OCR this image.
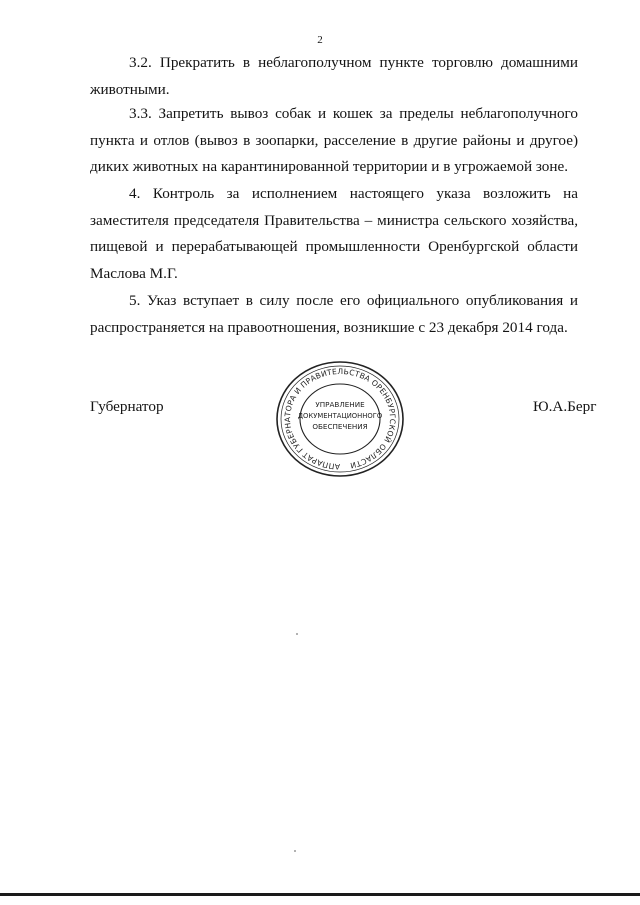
2

3.2. Прекратить в неблагополучном пункте торговлю домашними животными.

3.3. Запретить вывоз собак и кошек за пределы неблагополучного пункта и отлов (вывоз в зоопарки, расселение в другие районы и другое) диких животных на карантинированной территории и в угрожаемой зоне.

4. Контроль за исполнением настоящего указа возложить на заместителя председателя Правительства – министра сельского хозяйства, пищевой и перерабатывающей промышленности Оренбургской области Маслова М.Г.

5. Указ вступает в силу после его официального опубликования и распространяется на правоотношения, возникшие с 23 декабря 2014 года.

Губернатор	Ю.А.Берг
АППАРАТ ГУБЕРНАТОРА И ПРАВИТЕЛЬСТВА ОРЕНБУРГСКОЙ ОБЛАСТИ
УПРАВЛЕНИЕ
ДОКУМЕНТАЦИОННОГО
ОБЕСПЕЧЕНИЯ
